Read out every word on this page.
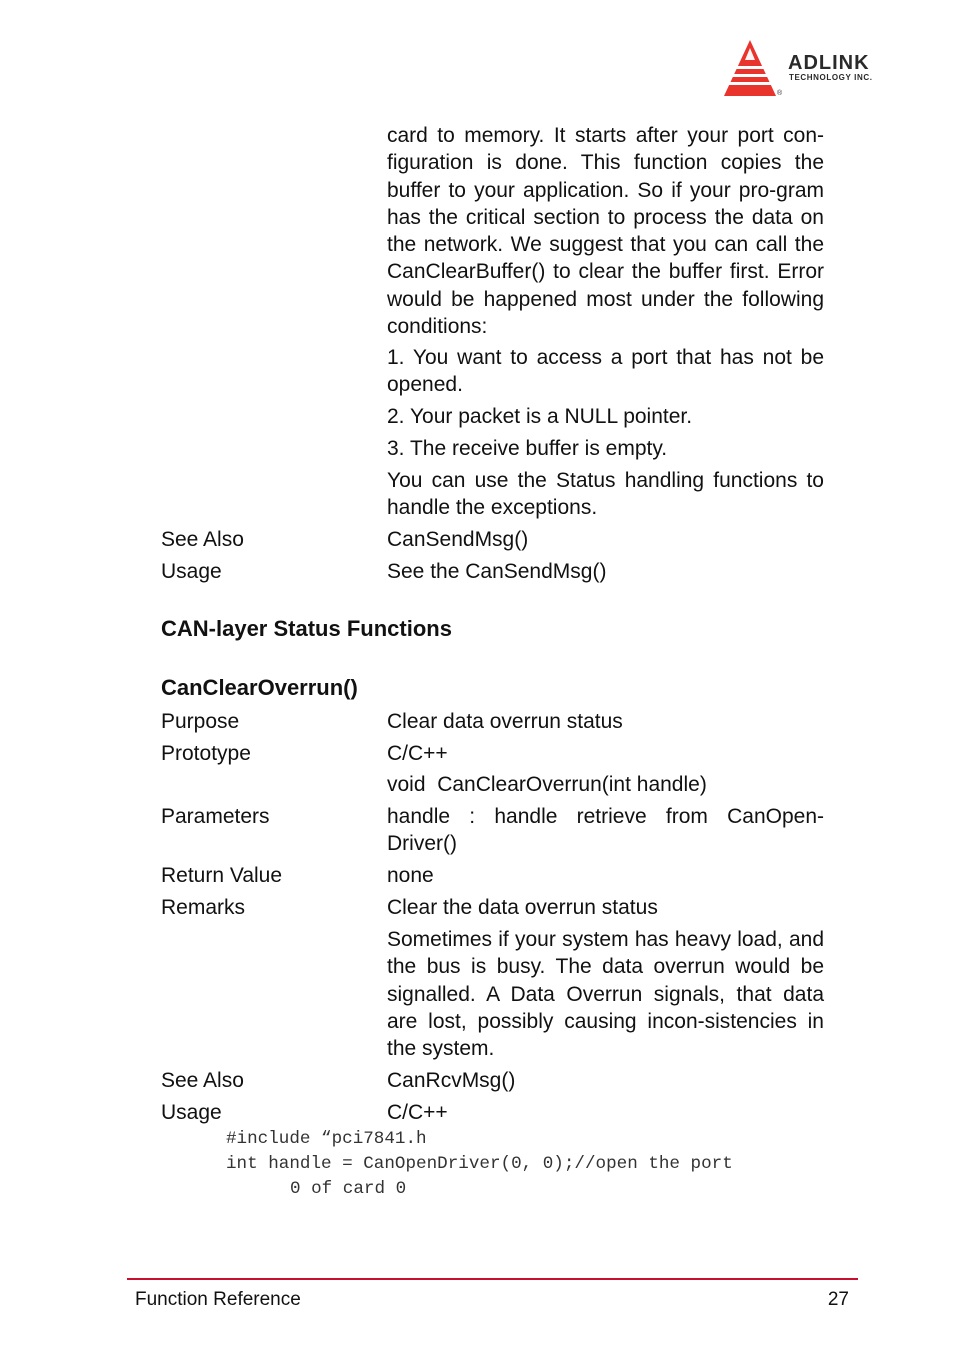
ADLINK
TECHNOLOGY INC.
®
card to memory. It starts after your port con-figuration is done. This function copies the buffer to your application. So if your pro-gram has the critical section to process the data on the network. We suggest that you can call the CanClearBuffer() to clear the buffer first. Error would be happened most under the following conditions:
1. You want to access a port that has not be opened.
2. Your packet is a NULL pointer.
3. The receive buffer is empty.
You can use the Status handling functions to handle the exceptions.
See Also	CanSendMsg()
Usage	See the CanSendMsg()
CAN-layer Status Functions
CanClearOverrun()
Purpose	Clear data overrun status
Prototype	C/C++
void  CanClearOverrun(int handle)
Parameters	handle : handle retrieve from CanOpen-Driver()
Return Value	none
Remarks	Clear the data overrun status
Sometimes if your system has heavy load, and the bus is busy. The data overrun would be signalled. A Data Overrun signals, that data are lost, possibly causing incon-sistencies in the system.
See Also	CanRcvMsg()
Usage	C/C++
#include “pci7841.h
int handle = CanOpenDriver(0, 0);//open the port
0 of card 0
Function Reference	27
